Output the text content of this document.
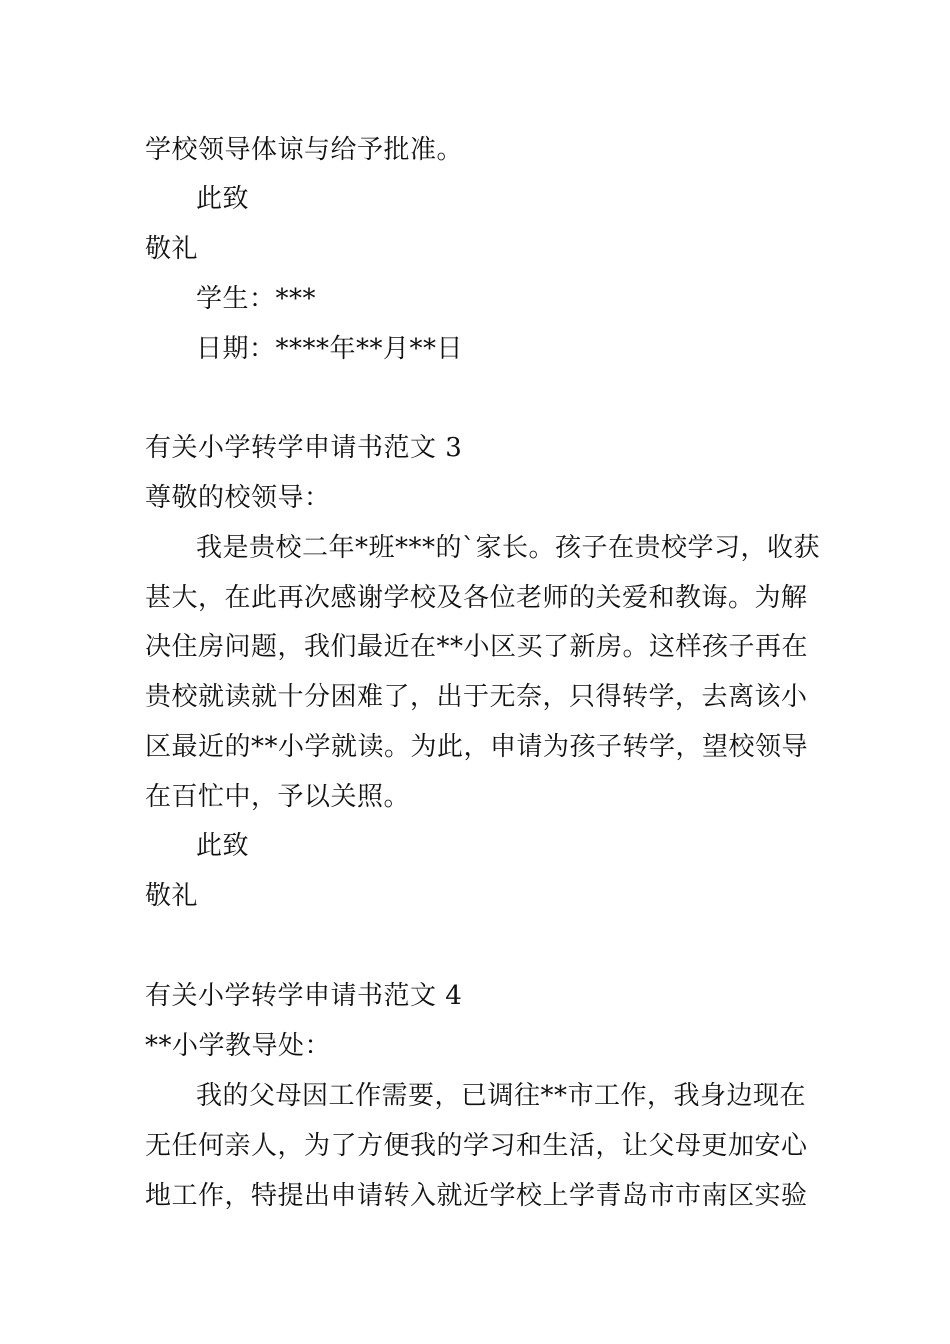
学校领导体谅与给予批准。
此致
敬礼
学生：***
日期：****年**月**日
有关小学转学申请书范文 3
尊敬的校领导：
我是贵校二年*班***的`家长。孩子在贵校学习，收获
甚大，在此再次感谢学校及各位老师的关爱和教诲。为解
决住房问题，我们最近在**小区买了新房。这样孩子再在
贵校就读就十分困难了，出于无奈，只得转学，去离该小
区最近的**小学就读。为此，申请为孩子转学，望校领导
在百忙中，予以关照。
此致
敬礼
有关小学转学申请书范文 4
**小学教导处：
我的父母因工作需要，已调往**市工作，我身边现在
无任何亲人，为了方便我的学习和生活，让父母更加安心
地工作，特提出申请转入就近学校上学青岛市市南区实验
